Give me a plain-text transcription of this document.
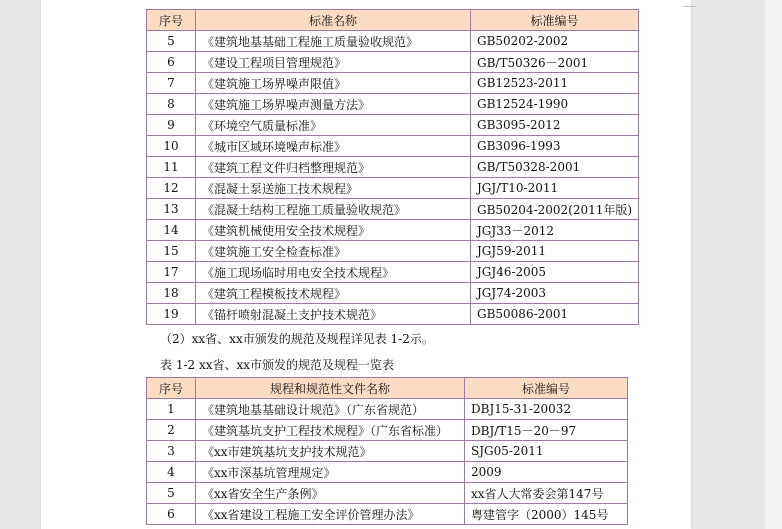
序号	标准名称	标准编号
5	《建筑地基基础工程施工质量验收规范》	GB50202-2002
6	《建设工程项目管理规范》	GB/T50326－2001
7	《建筑施工场界噪声限值》	GB12523-2011
8	《建筑施工场界噪声测量方法》	GB12524-1990
9	《环境空气质量标准》	GB3095-2012
10	《城市区域环境噪声标准》	GB3096-1993
11	《建筑工程文件归档整理规范》	GB/T50328-2001
12	《混凝土泵送施工技术规程》	JGJ/T10-2011
13	《混凝土结构工程施工质量验收规范》	GB50204-2002(2011年版)
14	《建筑机械使用安全技术规程》	JGJ33－2012
15	《建筑施工安全检查标准》	JGJ59-2011
17	《施工现场临时用电安全技术规程》	JGJ46-2005
18	《建筑工程模板技术规程》	JGJ74-2003
19	《锚杆喷射混凝土支护技术规范》	GB50086-2001
（2）xx省、xx市颁发的规范及规程详见表 1-2示。
表 1-2 xx省、xx市颁发的规范及规程一览表
序号	规程和规范性文件名称	标准编号
1	《建筑地基基础设计规范》（广东省规范）	DBJ15-31-20032
2	《建筑基坑支护工程技术规程》（广东省标准）	DBJ/T15－20－97
3	《xx市建筑基坑支护技术规范》	SJG05-2011
4	《xx市深基坑管理规定》	2009
5	《xx省安全生产条例》	xx省人大常委会第147号
6	《xx省建设工程施工安全评价管理办法》	粤建管字（2000）145号
